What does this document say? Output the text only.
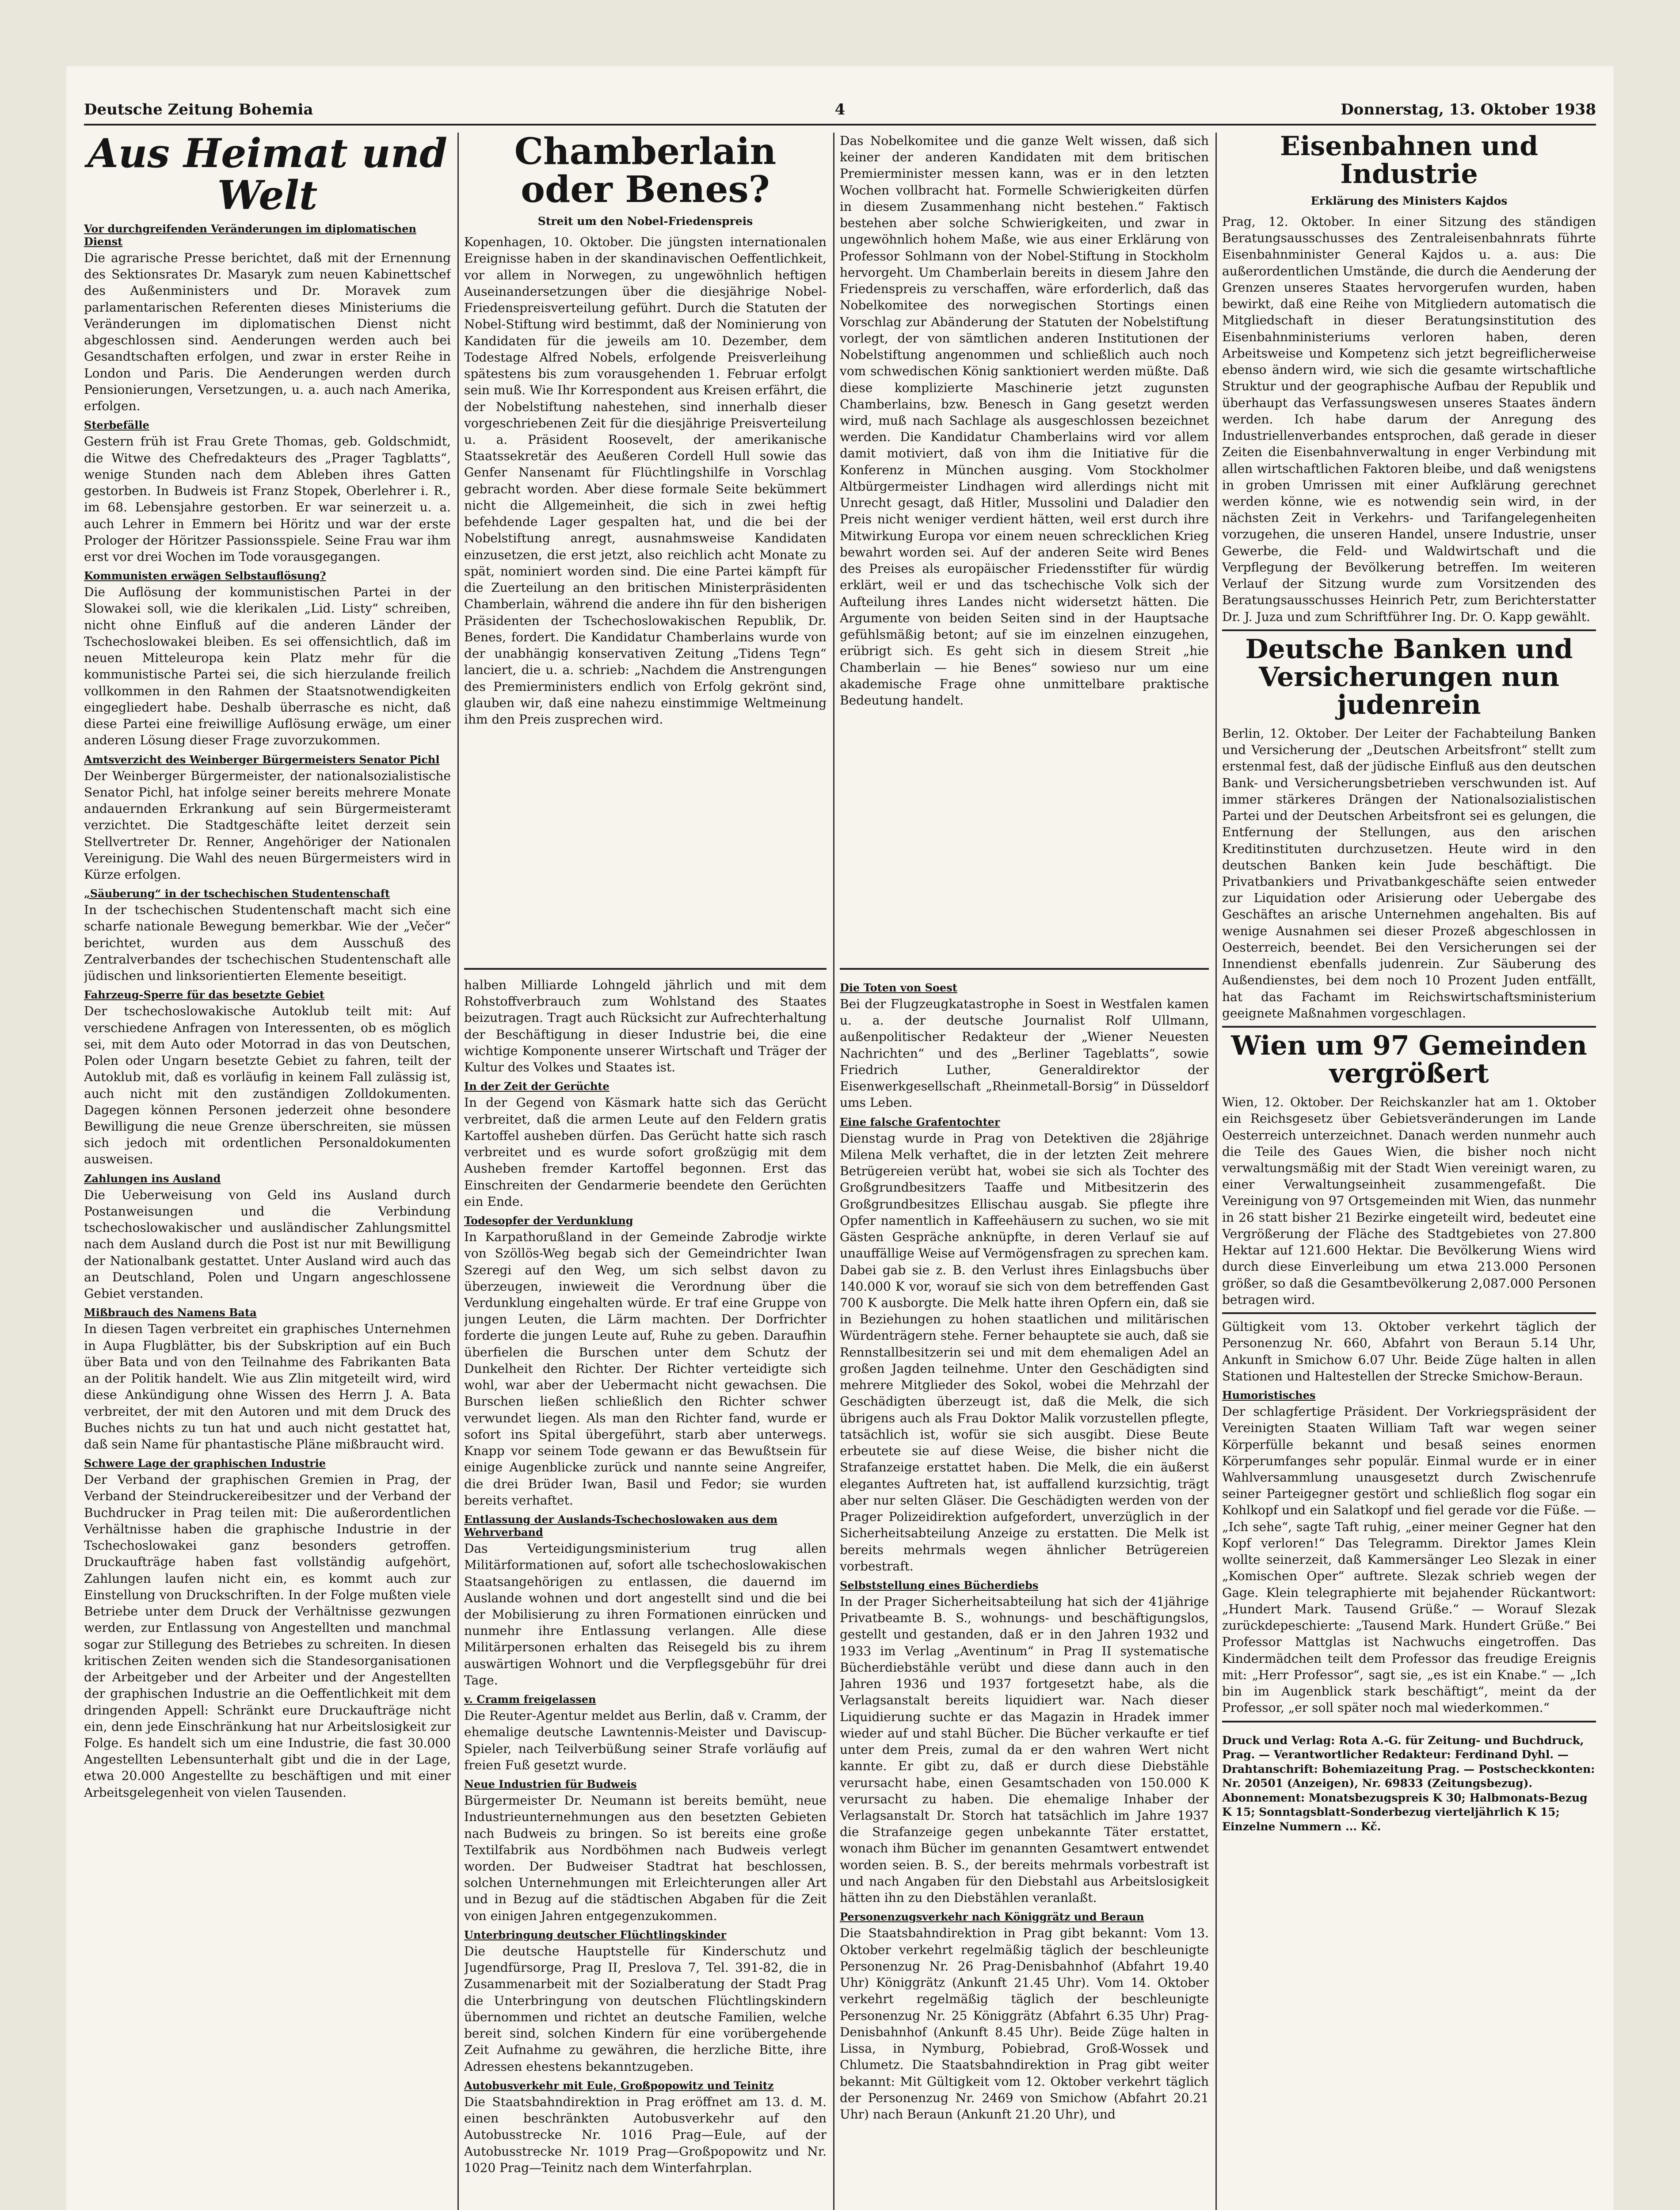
Deutsche Zeitung Bohemia	4	Donnerstag, 13. Oktober 1938
Aus Heimat und Welt
Vor durchgreifenden Veränderungen im diplomatischen Dienst

Die agrarische Presse berichtet, daß mit der Ernennung des Sektionsrates Dr. Masaryk zum neuen Kabinettschef des Außenministers und Dr. Moravek zum parlamentarischen Referenten dieses Ministeriums die Veränderungen im diplomatischen Dienst nicht abgeschlossen sind. Aenderungen werden auch bei Gesandtschaften erfolgen, und zwar in erster Reihe in London und Paris. Die Aenderungen werden durch Pensionierungen, Versetzungen, u. a. auch nach Amerika, erfolgen.

Sterbefälle

Gestern früh ist Frau Grete Thomas, geb. Goldschmidt, die Witwe des Chefredakteurs des „Prager Tagblatts“, wenige Stunden nach dem Ableben ihres Gatten gestorben. In Budweis ist Franz Stopek, Oberlehrer i. R., im 68. Lebensjahre gestorben. Er war seinerzeit u. a. auch Lehrer in Emmern bei Höritz und war der erste Prologer der Höritzer Passionsspiele. Seine Frau war ihm erst vor drei Wochen im Tode vorausgegangen.

Kommunisten erwägen Selbstauflösung?

Die Auflösung der kommunistischen Partei in der Slowakei soll, wie die klerikalen „Lid. Listy“ schreiben, nicht ohne Einfluß auf die anderen Länder der Tschechoslowakei bleiben. Es sei offensichtlich, daß im neuen Mitteleuropa kein Platz mehr für die kommunistische Partei sei, die sich hierzulande freilich vollkommen in den Rahmen der Staatsnotwendigkeiten eingegliedert habe. Deshalb überrasche es nicht, daß diese Partei eine freiwillige Auflösung erwäge, um einer anderen Lösung dieser Frage zuvorzukommen.

Amtsverzicht des Weinberger Bürgermeisters Senator Pichl

Der Weinberger Bürgermeister, der nationalsozialistische Senator Pichl, hat infolge seiner bereits mehrere Monate andauernden Erkrankung auf sein Bürgermeisteramt verzichtet. Die Stadtgeschäfte leitet derzeit sein Stellvertreter Dr. Renner, Angehöriger der Nationalen Vereinigung. Die Wahl des neuen Bürgermeisters wird in Kürze erfolgen.

„Säuberung“ in der tschechischen Studentenschaft

In der tschechischen Studentenschaft macht sich eine scharfe nationale Bewegung bemerkbar. Wie der „Večer“ berichtet, wurden aus dem Ausschuß des Zentralverbandes der tschechischen Studentenschaft alle jüdischen und linksorientierten Elemente beseitigt.

Fahrzeug-Sperre für das besetzte Gebiet

Der tschechoslowakische Autoklub teilt mit: Auf verschiedene Anfragen von Interessenten, ob es möglich sei, mit dem Auto oder Motorrad in das von Deutschen, Polen oder Ungarn besetzte Gebiet zu fahren, teilt der Autoklub mit, daß es vorläufig in keinem Fall zulässig ist, auch nicht mit den zuständigen Zolldokumenten. Dagegen können Personen jederzeit ohne besondere Bewilligung die neue Grenze überschreiten, sie müssen sich jedoch mit ordentlichen Personaldokumenten ausweisen.

Zahlungen ins Ausland

Die Ueberweisung von Geld ins Ausland durch Postanweisungen und die Verbindung tschechoslowakischer und ausländischer Zahlungsmittel nach dem Ausland durch die Post ist nur mit Bewilligung der Nationalbank gestattet. Unter Ausland wird auch das an Deutschland, Polen und Ungarn angeschlossene Gebiet verstanden.

Mißbrauch des Namens Bata

In diesen Tagen verbreitet ein graphisches Unternehmen in Aupa Flugblätter, bis der Subskription auf ein Buch über Bata und von den Teilnahme des Fabrikanten Bata an der Politik handelt. Wie aus Zlin mitgeteilt wird, wird diese Ankündigung ohne Wissen des Herrn J. A. Bata verbreitet, der mit den Autoren und mit dem Druck des Buches nichts zu tun hat und auch nicht gestattet hat, daß sein Name für phantastische Pläne mißbraucht wird.

Schwere Lage der graphischen Industrie

Der Verband der graphischen Gremien in Prag, der Verband der Steindruckereibesitzer und der Verband der Buchdrucker in Prag teilen mit: Die außerordentlichen Verhältnisse haben die graphische Industrie in der Tschechoslowakei ganz besonders getroffen. Druckaufträge haben fast vollständig aufgehört, Zahlungen laufen nicht ein, es kommt auch zur Einstellung von Druckschriften. In der Folge mußten viele Betriebe unter dem Druck der Verhältnisse gezwungen werden, zur Entlassung von Angestellten und manchmal sogar zur Stillegung des Betriebes zu schreiten. In diesen kritischen Zeiten wenden sich die Standesorganisationen der Arbeitgeber und der Arbeiter und der Angestellten der graphischen Industrie an die Oeffentlichkeit mit dem dringenden Appell: Schränkt eure Druckaufträge nicht ein, denn jede Einschränkung hat nur Arbeitslosigkeit zur Folge. Es handelt sich um eine Industrie, die fast 30.000 Angestellten Lebensunterhalt gibt und die in der Lage, etwa 20.000 Angestellte zu beschäftigen und mit einer Arbeitsgelegenheit von vielen Tausenden.

Chamberlain oder Benes?
Streit um den Nobel-Friedenspreis

Kopenhagen, 10. Oktober. Die jüngsten internationalen Ereignisse haben in der skandinavischen Oeffentlichkeit, vor allem in Norwegen, zu ungewöhnlich heftigen Auseinandersetzungen über die diesjährige Nobel-Friedenspreisverteilung geführt. Durch die Statuten der Nobel-Stiftung wird bestimmt, daß der Nominierung von Kandidaten für die jeweils am 10. Dezember, dem Todestage Alfred Nobels, erfolgende Preisverleihung spätestens bis zum vorausgehenden 1. Februar erfolgt sein muß. Wie Ihr Korrespondent aus Kreisen erfährt, die der Nobelstiftung nahestehen, sind innerhalb dieser vorgeschriebenen Zeit für die diesjährige Preisverteilung u. a. Präsident Roosevelt, der amerikanische Staatssekretär des Aeußeren Cordell Hull sowie das Genfer Nansenamt für Flüchtlingshilfe in Vorschlag gebracht worden. Aber diese formale Seite bekümmert nicht die Allgemeinheit, die sich in zwei heftig befehdende Lager gespalten hat, und die bei der Nobelstiftung anregt, ausnahmsweise Kandidaten einzusetzen, die erst jetzt, also reichlich acht Monate zu spät, nominiert worden sind. Die eine Partei kämpft für die Zuerteilung an den britischen Ministerpräsidenten Chamberlain, während die andere ihn für den bisherigen Präsidenten der Tschechoslowakischen Republik, Dr. Benes, fordert. Die Kandidatur Chamberlains wurde von der unabhängig konservativen Zeitung „Tidens Tegn“ lanciert, die u. a. schrieb: „Nachdem die Anstrengungen des Premierministers endlich von Erfolg gekrönt sind, glauben wir, daß eine nahezu einstimmige Weltmeinung ihm den Preis zusprechen wird.

halben Milliarde Lohngeld jährlich und mit dem Rohstoffverbrauch zum Wohlstand des Staates beizutragen. Tragt auch Rücksicht zur Aufrechterhaltung der Beschäftigung in dieser Industrie bei, die eine wichtige Komponente unserer Wirtschaft und Träger der Kultur des Volkes und Staates ist.

In der Zeit der Gerüchte

In der Gegend von Käsmark hatte sich das Gerücht verbreitet, daß die armen Leute auf den Feldern gratis Kartoffel ausheben dürfen. Das Gerücht hatte sich rasch verbreitet und es wurde sofort großzügig mit dem Ausheben fremder Kartoffel begonnen. Erst das Einschreiten der Gendarmerie beendete den Gerüchten ein Ende.

Todesopfer der Verdunklung

In Karpathorußland in der Gemeinde Zabrodje wirkte von Szöllös-Weg begab sich der Gemeindrichter Iwan Szeregi auf den Weg, um sich selbst davon zu überzeugen, inwieweit die Verordnung über die Verdunklung eingehalten würde. Er traf eine Gruppe von jungen Leuten, die Lärm machten. Der Dorfrichter forderte die jungen Leute auf, Ruhe zu geben. Daraufhin überfielen die Burschen unter dem Schutz der Dunkelheit den Richter. Der Richter verteidigte sich wohl, war aber der Uebermacht nicht gewachsen. Die Burschen ließen schließlich den Richter schwer verwundet liegen. Als man den Richter fand, wurde er sofort ins Spital übergeführt, starb aber unterwegs. Knapp vor seinem Tode gewann er das Bewußtsein für einige Augenblicke zurück und nannte seine Angreifer, die drei Brüder Iwan, Basil und Fedor; sie wurden bereits verhaftet.

Entlassung der Auslands-Tschechoslowaken aus dem Wehrverband

Das Verteidigungsministerium trug allen Militärformationen auf, sofort alle tschechoslowakischen Staatsangehörigen zu entlassen, die dauernd im Auslande wohnen und dort angestellt sind und die bei der Mobilisierung zu ihren Formationen einrücken und nunmehr ihre Entlassung verlangen. Alle diese Militärpersonen erhalten das Reisegeld bis zu ihrem auswärtigen Wohnort und die Verpflegsgebühr für drei Tage.

v. Cramm freigelassen

Die Reuter-Agentur meldet aus Berlin, daß v. Cramm, der ehemalige deutsche Lawntennis-Meister und Daviscup-Spieler, nach Teilverbüßung seiner Strafe vorläufig auf freien Fuß gesetzt wurde.

Neue Industrien für Budweis

Bürgermeister Dr. Neumann ist bereits bemüht, neue Industrieunternehmungen aus den besetzten Gebieten nach Budweis zu bringen. So ist bereits eine große Textilfabrik aus Nordböhmen nach Budweis verlegt worden. Der Budweiser Stadtrat hat beschlossen, solchen Unternehmungen mit Erleichterungen aller Art und in Bezug auf die städtischen Abgaben für die Zeit von einigen Jahren entgegenzukommen.

Unterbringung deutscher Flüchtlingskinder

Die deutsche Hauptstelle für Kinderschutz und Jugendfürsorge, Prag II, Preslova 7, Tel. 391-82, die in Zusammenarbeit mit der Sozialberatung der Stadt Prag die Unterbringung von deutschen Flüchtlingskindern übernommen und richtet an deutsche Familien, welche bereit sind, solchen Kindern für eine vorübergehende Zeit Aufnahme zu gewähren, die herzliche Bitte, ihre Adressen ehestens bekanntzugeben.

Autobusverkehr mit Eule, Großpopowitz und Teinitz

Die Staatsbahndirektion in Prag eröffnet am 13. d. M. einen beschränkten Autobusverkehr auf den Autobusstrecke Nr. 1016 Prag—Eule, auf der Autobusstrecke Nr. 1019 Prag—Großpopowitz und Nr. 1020 Prag—Teinitz nach dem Winterfahrplan.

Das Nobelkomitee und die ganze Welt wissen, daß sich keiner der anderen Kandidaten mit dem britischen Premierminister messen kann, was er in den letzten Wochen vollbracht hat. Formelle Schwierigkeiten dürfen in diesem Zusammenhang nicht bestehen.“ Faktisch bestehen aber solche Schwierigkeiten, und zwar in ungewöhnlich hohem Maße, wie aus einer Erklärung von Professor Sohlmann von der Nobel-Stiftung in Stockholm hervorgeht. Um Chamberlain bereits in diesem Jahre den Friedenspreis zu verschaffen, wäre erforderlich, daß das Nobelkomitee des norwegischen Stortings einen Vorschlag zur Abänderung der Statuten der Nobelstiftung vorlegt, der von sämtlichen anderen Institutionen der Nobelstiftung angenommen und schließlich auch noch vom schwedischen König sanktioniert werden müßte. Daß diese komplizierte Maschinerie jetzt zugunsten Chamberlains, bzw. Benesch in Gang gesetzt werden wird, muß nach Sachlage als ausgeschlossen bezeichnet werden. Die Kandidatur Chamberlains wird vor allem damit motiviert, daß von ihm die Initiative für die Konferenz in München ausging. Vom Stockholmer Altbürgermeister Lindhagen wird allerdings nicht mit Unrecht gesagt, daß Hitler, Mussolini und Daladier den Preis nicht weniger verdient hätten, weil erst durch ihre Mitwirkung Europa vor einem neuen schrecklichen Krieg bewahrt worden sei. Auf der anderen Seite wird Benes des Preises als europäischer Friedensstifter für würdig erklärt, weil er und das tschechische Volk sich der Aufteilung ihres Landes nicht widersetzt hätten. Die Argumente von beiden Seiten sind in der Hauptsache gefühlsmäßig betont; auf sie im einzelnen einzugehen, erübrigt sich. Es geht sich in diesem Streit „hie Chamberlain — hie Benes“ sowieso nur um eine akademische Frage ohne unmittelbare praktische Bedeutung handelt.

Die Toten von Soest

Bei der Flugzeugkatastrophe in Soest in Westfalen kamen u. a. der deutsche Journalist Rolf Ullmann, außenpolitischer Redakteur der „Wiener Neuesten Nachrichten“ und des „Berliner Tageblatts“, sowie Friedrich Luther, Generaldirektor der Eisenwerkgesellschaft „Rheinmetall-Borsig“ in Düsseldorf ums Leben.

Eine falsche Grafentochter

Dienstag wurde in Prag von Detektiven die 28jährige Milena Melk verhaftet, die in der letzten Zeit mehrere Betrügereien verübt hat, wobei sie sich als Tochter des Großgrundbesitzers Taaffe und Mitbesitzerin des Großgrundbesitzes Ellischau ausgab. Sie pflegte ihre Opfer namentlich in Kaffeehäusern zu suchen, wo sie mit Gästen Gespräche anknüpfte, in deren Verlauf sie auf unauffällige Weise auf Vermögensfragen zu sprechen kam. Dabei gab sie z. B. den Verlust ihres Einlagsbuchs über 140.000 K vor, worauf sie sich von dem betreffenden Gast 700 K ausborgte. Die Melk hatte ihren Opfern ein, daß sie in Beziehungen zu hohen staatlichen und militärischen Würdenträgern stehe. Ferner behauptete sie auch, daß sie Rennstallbesitzerin sei und mit dem ehemaligen Adel an großen Jagden teilnehme. Unter den Geschädigten sind mehrere Mitglieder des Sokol, wobei die Mehrzahl der Geschädigten überzeugt ist, daß die Melk, die sich übrigens auch als Frau Doktor Malik vorzustellen pflegte, tatsächlich ist, wofür sie sich ausgibt. Diese Beute erbeutete sie auf diese Weise, die bisher nicht die Strafanzeige erstattet haben. Die Melk, die ein äußerst elegantes Auftreten hat, ist auffallend kurzsichtig, trägt aber nur selten Gläser. Die Geschädigten werden von der Prager Polizeidirektion aufgefordert, unverzüglich in der Sicherheitsabteilung Anzeige zu erstatten. Die Melk ist bereits mehrmals wegen ähnlicher Betrügereien vorbestraft.

Selbststellung eines Bücherdiebs

In der Prager Sicherheitsabteilung hat sich der 41jährige Privatbeamte B. S., wohnungs- und beschäftigungslos, gestellt und gestanden, daß er in den Jahren 1932 und 1933 im Verlag „Aventinum“ in Prag II systematische Bücherdiebstähle verübt und diese dann auch in den Jahren 1936 und 1937 fortgesetzt habe, als die Verlagsanstalt bereits liquidiert war. Nach dieser Liquidierung suchte er das Magazin in Hradek immer wieder auf und stahl Bücher. Die Bücher verkaufte er tief unter dem Preis, zumal da er den wahren Wert nicht kannte. Er gibt zu, daß er durch diese Diebstähle verursacht habe, einen Gesamtschaden von 150.000 K verursacht zu haben. Die ehemalige Inhaber der Verlagsanstalt Dr. Storch hat tatsächlich im Jahre 1937 die Strafanzeige gegen unbekannte Täter erstattet, wonach ihm Bücher im genannten Gesamtwert entwendet worden seien. B. S., der bereits mehrmals vorbestraft ist und nach Angaben für den Diebstahl aus Arbeitslosigkeit hätten ihn zu den Diebstählen veranlaßt.

Personenzugsverkehr nach Königgrätz und Beraun

Die Staatsbahndirektion in Prag gibt bekannt: Vom 13. Oktober verkehrt regelmäßig täglich der beschleunigte Personenzug Nr. 26 Prag-Denisbahnhof (Abfahrt 19.40 Uhr) Königgrätz (Ankunft 21.45 Uhr). Vom 14. Oktober verkehrt regelmäßig täglich der beschleunigte Personenzug Nr. 25 Königgrätz (Abfahrt 6.35 Uhr) Prag-Denisbahnhof (Ankunft 8.45 Uhr). Beide Züge halten in Lissa, in Nymburg, Pobiebrad, Groß-Wossek und Chlumetz. Die Staatsbahndirektion in Prag gibt weiter bekannt: Mit Gültigkeit vom 12. Oktober verkehrt täglich der Personenzug Nr. 2469 von Smichow (Abfahrt 20.21 Uhr) nach Beraun (Ankunft 21.20 Uhr), und

Eisenbahnen und Industrie
Erklärung des Ministers Kajdos

Prag, 12. Oktober. In einer Sitzung des ständigen Beratungsausschusses des Zentraleisenbahnrats führte Eisenbahnminister General Kajdos u. a. aus: Die außerordentlichen Umstände, die durch die Aenderung der Grenzen unseres Staates hervorgerufen wurden, haben bewirkt, daß eine Reihe von Mitgliedern automatisch die Mitgliedschaft in dieser Beratungsinstitution des Eisenbahnministeriums verloren haben, deren Arbeitsweise und Kompetenz sich jetzt begreiflicherweise ebenso ändern wird, wie sich die gesamte wirtschaftliche Struktur und der geographische Aufbau der Republik und überhaupt das Verfassungswesen unseres Staates ändern werden. Ich habe darum der Anregung des Industriellenverbandes entsprochen, daß gerade in dieser Zeiten die Eisenbahnverwaltung in enger Verbindung mit allen wirtschaftlichen Faktoren bleibe, und daß wenigstens in groben Umrissen mit einer Aufklärung gerechnet werden könne, wie es notwendig sein wird, in der nächsten Zeit in Verkehrs- und Tarifangelegenheiten vorzugehen, die unseren Handel, unsere Industrie, unser Gewerbe, die Feld- und Waldwirtschaft und die Verpflegung der Bevölkerung betreffen. Im weiteren Verlauf der Sitzung wurde zum Vorsitzenden des Beratungsausschusses Heinrich Petr, zum Berichterstatter Dr. J. Juza und zum Schriftführer Ing. Dr. O. Kapp gewählt.

Deutsche Banken und Versicherungen nun judenrein

Berlin, 12. Oktober. Der Leiter der Fachabteilung Banken und Versicherung der „Deutschen Arbeitsfront“ stellt zum erstenmal fest, daß der jüdische Einfluß aus den deutschen Bank- und Versicherungsbetrieben verschwunden ist. Auf immer stärkeres Drängen der Nationalsozialistischen Partei und der Deutschen Arbeitsfront sei es gelungen, die Entfernung der Stellungen, aus den arischen Kreditinstituten durchzusetzen. Heute wird in den deutschen Banken kein Jude beschäftigt. Die Privatbankiers und Privatbankgeschäfte seien entweder zur Liquidation oder Arisierung oder Uebergabe des Geschäftes an arische Unternehmen angehalten. Bis auf wenige Ausnahmen sei dieser Prozeß abgeschlossen in Oesterreich, beendet. Bei den Versicherungen sei der Innendienst ebenfalls judenrein. Zur Säuberung des Außendienstes, bei dem noch 10 Prozent Juden entfällt, hat das Fachamt im Reichswirtschaftsministerium geeignete Maßnahmen vorgeschlagen.

Wien um 97 Gemeinden vergrößert

Wien, 12. Oktober. Der Reichskanzler hat am 1. Oktober ein Reichsgesetz über Gebietsveränderungen im Lande Oesterreich unterzeichnet. Danach werden nunmehr auch die Teile des Gaues Wien, die bisher noch nicht verwaltungsmäßig mit der Stadt Wien vereinigt waren, zu einer Verwaltungseinheit zusammengefaßt. Die Vereinigung von 97 Ortsgemeinden mit Wien, das nunmehr in 26 statt bisher 21 Bezirke eingeteilt wird, bedeutet eine Vergrößerung der Fläche des Stadtgebietes von 27.800 Hektar auf 121.600 Hektar. Die Bevölkerung Wiens wird durch diese Einverleibung um etwa 213.000 Personen größer, so daß die Gesamtbevölkerung 2,087.000 Personen betragen wird.

Gültigkeit vom 13. Oktober verkehrt täglich der Personenzug Nr. 660, Abfahrt von Beraun 5.14 Uhr, Ankunft in Smichow 6.07 Uhr. Beide Züge halten in allen Stationen und Haltestellen der Strecke Smichow-Beraun.

Humoristisches

Der schlagfertige Präsident. Der Vorkriegspräsident der Vereinigten Staaten William Taft war wegen seiner Körperfülle bekannt und besaß seines enormen Körperumfanges sehr populär. Einmal wurde er in einer Wahlversammlung unausgesetzt durch Zwischenrufe seiner Parteigegner gestört und schließlich flog sogar ein Kohlkopf und ein Salatkopf und fiel gerade vor die Füße. — „Ich sehe“, sagte Taft ruhig, „einer meiner Gegner hat den Kopf verloren!“ Das Telegramm. Direktor James Klein wollte seinerzeit, daß Kammersänger Leo Slezak in einer „Komischen Oper“ auftrete. Slezak schrieb wegen der Gage. Klein telegraphierte mit bejahender Rückantwort: „Hundert Mark. Tausend Grüße.“ — Worauf Slezak zurückdepeschierte: „Tausend Mark. Hundert Grüße.“ Bei Professor Mattglas ist Nachwuchs eingetroffen. Das Kindermädchen teilt dem Professor das freudige Ereignis mit: „Herr Professor“, sagt sie, „es ist ein Knabe.“ — „Ich bin im Augenblick stark beschäftigt“, meint da der Professor, „er soll später noch mal wiederkommen.“

Druck und Verlag: Rota A.-G. für Zeitung- und Buchdruck, Prag. — Verantwortlicher Redakteur: Ferdinand Dyhl. — Drahtanschrift: Bohemiazeitung Prag. — Postscheckkonten: Nr. 20501 (Anzeigen), Nr. 69833 (Zeitungsbezug). Abonnement: Monatsbezugspreis K 30; Halbmonats-Bezug K 15; Sonntagsblatt-Sonderbezug vierteljährlich K 15; Einzelne Nummern ... Kč.
